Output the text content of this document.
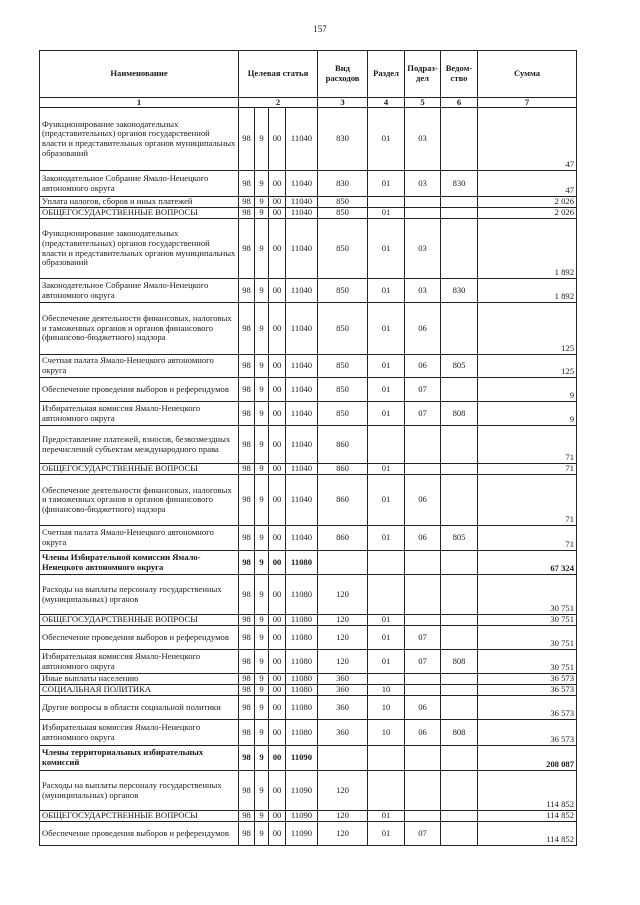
157
Наименование	Целевая статья				Вид расходов	Раздел	Подраз-дел	Ведом-ство	Сумма
1	2				3	4	5	6	7
Функционирование законодательных (представительных) органов государственной власти и представительных органов муниципальных образований	98	9	00	11040	830	01	03		47
Законодательное Собрание Ямало-Ненецкого автономного округа	98	9	00	11040	830	01	03	830	47
Уплата налогов, сборов и иных платежей	98	9	00	11040	850				2 026
ОБЩЕГОСУДАРСТВЕННЫЕ ВОПРОСЫ	98	9	00	11040	850	01			2 026
Функционирование законодательных (представительных) органов государственной власти и представительных органов муниципальных образований	98	9	00	11040	850	01	03		1 892
Законодательное Собрание Ямало-Ненецкого автономного округа	98	9	00	11040	850	01	03	830	1 892
Обеспечение деятельности финансовых, налоговых и таможенных органов и органов финансового (финансово-бюджетного) надзора	98	9	00	11040	850	01	06		125
Счетная палата Ямало-Ненецкого автономного округа	98	9	00	11040	850	01	06	805	125
Обеспечение проведения выборов и референдумов	98	9	00	11040	850	01	07		9
Избирательная комиссия Ямало-Ненецкого автономного округа	98	9	00	11040	850	01	07	808	9
Предоставление платежей, взносов, безвозмездных перечислений субъектам международного права	98	9	00	11040	860				71
ОБЩЕГОСУДАРСТВЕННЫЕ ВОПРОСЫ	98	9	00	11040	860	01			71
Обеспечение деятельности финансовых, налоговых и таможенных органов и органов финансового (финансово-бюджетного) надзора	98	9	00	11040	860	01	06		71
Счетная палата Ямало-Ненецкого автономного округа	98	9	00	11040	860	01	06	805	71
Члены Избирательной комиссии Ямало-Ненецкого автономного округа	98	9	00	11080					67 324
Расходы на выплаты персоналу государственных (муниципальных) органов	98	9	00	11080	120				30 751
ОБЩЕГОСУДАРСТВЕННЫЕ ВОПРОСЫ	98	9	00	11080	120	01			30 751
Обеспечение проведения выборов и референдумов	98	9	00	11080	120	01	07		30 751
Избирательная комиссия Ямало-Ненецкого автономного округа	98	9	00	11080	120	01	07	808	30 751
Иные выплаты населению	98	9	00	11080	360				36 573
СОЦИАЛЬНАЯ ПОЛИТИКА	98	9	00	11080	360	10			36 573
Другие вопросы в области социальной политики	98	9	00	11080	360	10	06		36 573
Избирательная комиссия Ямало-Ненецкого автономного округа	98	9	00	11080	360	10	06	808	36 573
Члены территориальных избирательных комиссий	98	9	00	11090					208 087
Расходы на выплаты персоналу государственных (муниципальных) органов	98	9	00	11090	120				114 852
ОБЩЕГОСУДАРСТВЕННЫЕ ВОПРОСЫ	98	9	00	11090	120	01			114 852
Обеспечение проведения выборов и референдумов	98	9	00	11090	120	01	07		114 852
